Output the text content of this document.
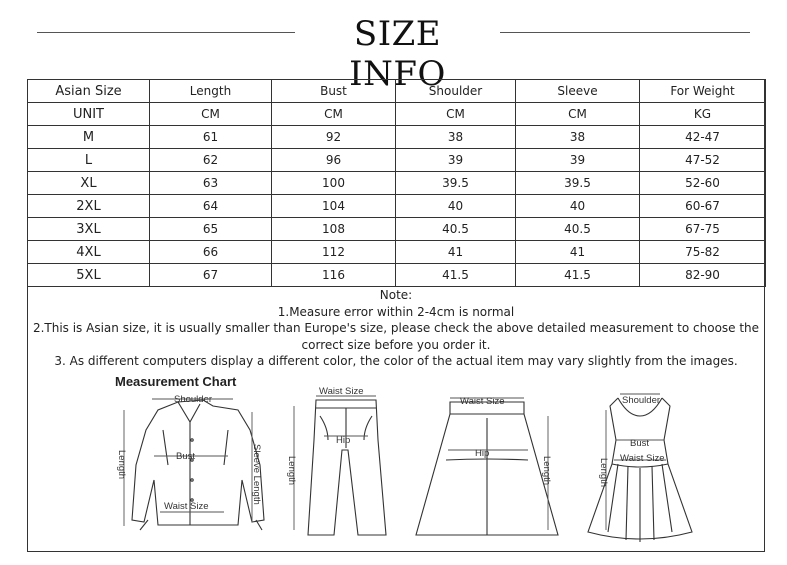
SIZE INFO
Asian Size	Length	Bust	Shoulder	Sleeve	For Weight
UNIT	CM	CM	CM	CM	KG
M	61	92	38	38	42-47
L	62	96	39	39	47-52
XL	63	100	39.5	39.5	52-60
2XL	64	104	40	40	60-67
3XL	65	108	40.5	40.5	67-75
4XL	66	112	41	41	75-82
5XL	67	116	41.5	41.5	82-90
Note:
1.Measure error within 2-4cm is normal
2.This is Asian size, it is usually smaller than Europe's size, please check the above detailed measurement to choose the correct size before you order it.
3. As different computers display a different color, the color of the actual item may vary slightly from the images.
Measurement Chart
Shoulder
Bust
Waist Size
Length	Sleeve Length
Waist Size
Hip
Length
Waist Size
Hip
Length
Shoulder
Bust
Waist Size
Length
